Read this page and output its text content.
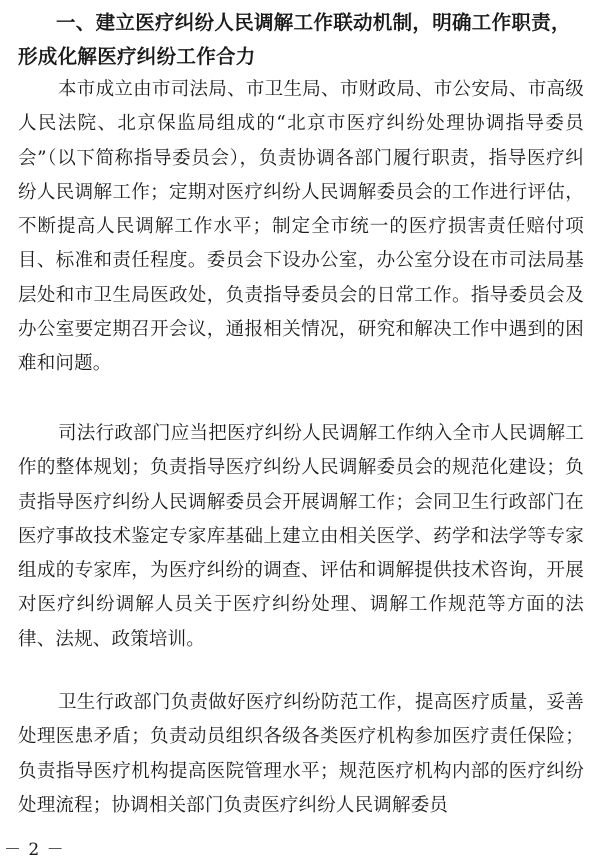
一、建立医疗纠纷人民调解工作联动机制，明确工作职责，形成化解医疗纠纷工作合力

本市成立由市司法局、市卫生局、市财政局、市公安局、市高级人民法院、北京保监局组成的“北京市医疗纠纷处理协调指导委员会”（以下简称指导委员会），负责协调各部门履行职责，指导医疗纠纷人民调解工作；定期对医疗纠纷人民调解委员会的工作进行评估，不断提高人民调解工作水平；制定全市统一的医疗损害责任赔付项目、标准和责任程度。委员会下设办公室，办公室分设在市司法局基层处和市卫生局医政处，负责指导委员会的日常工作。指导委员会及办公室要定期召开会议，通报相关情况，研究和解决工作中遇到的困难和问题。

司法行政部门应当把医疗纠纷人民调解工作纳入全市人民调解工作的整体规划；负责指导医疗纠纷人民调解委员会的规范化建设；负责指导医疗纠纷人民调解委员会开展调解工作；会同卫生行政部门在医疗事故技术鉴定专家库基础上建立由相关医学、药学和法学等专家组成的专家库，为医疗纠纷的调查、评估和调解提供技术咨询，开展对医疗纠纷调解人员关于医疗纠纷处理、调解工作规范等方面的法律、法规、政策培训。

卫生行政部门负责做好医疗纠纷防范工作，提高医疗质量，妥善处理医患矛盾；负责动员组织各级各类医疗机构参加医疗责任保险；负责指导医疗机构提高医院管理水平；规范医疗机构内部的医疗纠纷处理流程；协调相关部门负责医疗纠纷人民调解委员

－ 2 －
